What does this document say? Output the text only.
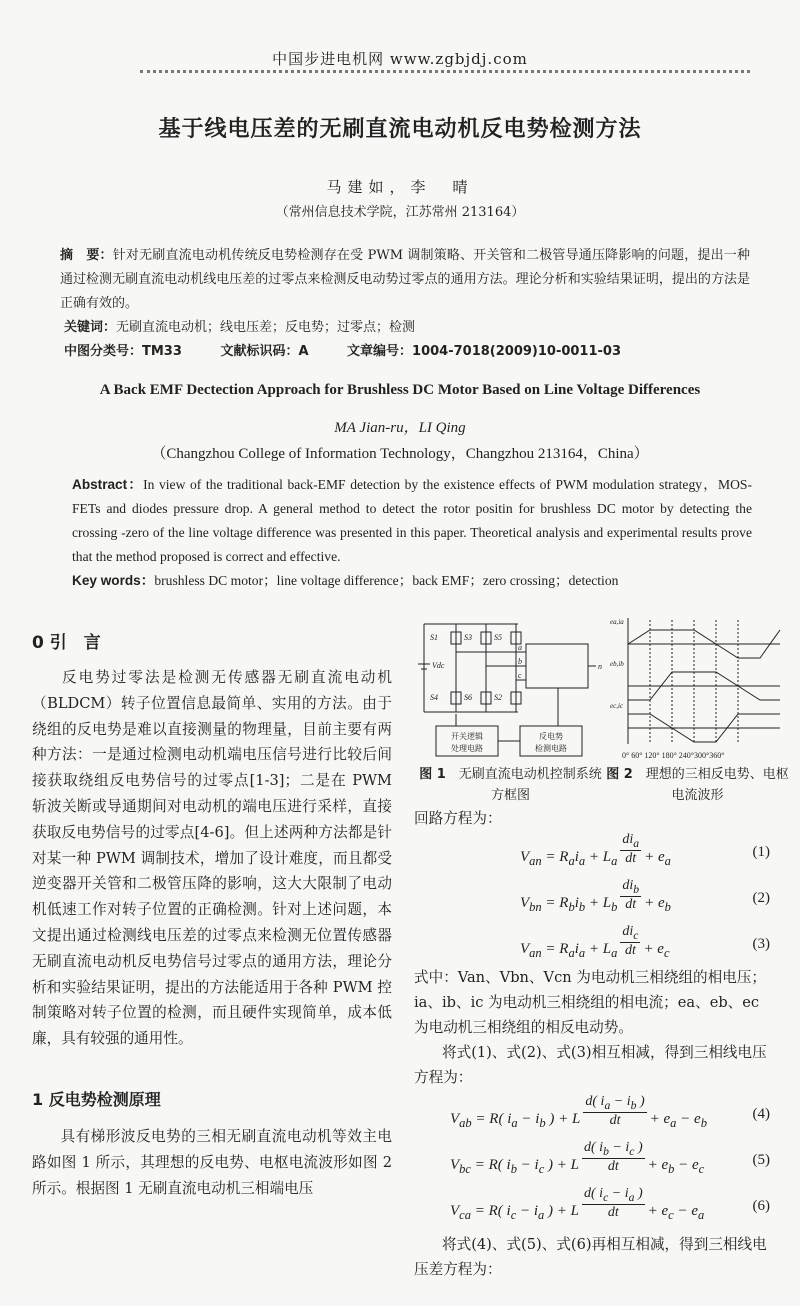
中国步进电机网 www.zgbjdj.com
基于线电压差的无刷直流电动机反电势检测方法
马建如，李　晴
（常州信息技术学院，江苏常州 213164）
摘　要：针对无刷直流电动机传统反电势检测存在受 PWM 调制策略、开关管和二极管导通压降影响的问题，提出一种通过检测无刷直流电动机线电压差的过零点来检测反电动势过零点的通用方法。理论分析和实验结果证明，提出的方法是正确有效的。
关键词：无刷直流电动机；线电压差；反电势；过零点；检测
中图分类号：TM33	文献标识码：A	文章编号：1004-7018(2009)10-0011-03
A Back EMF Dectection Approach for Brushless DC Motor Based on Line Voltage Differences
MA Jian-ru，LI Qing
（Changzhou College of Information Technology，Changzhou 213164，China）
Abstract：In view of the traditional back-EMF detection by the existence effects of PWM modulation strategy，MOS-FETs and diodes pressure drop. A general method to detect the rotor positin for brushless DC motor by detecting the crossing -zero of the line voltage difference was presented in this paper. Theoretical analysis and experimental results prove that the method proposed is correct and effective.
Key words：brushless DC motor；line voltage difference；back EMF；zero crossing；detection
0 引　言
反电势过零法是检测无传感器无刷直流电动机（BLDCM）转子位置信息最简单、实用的方法。由于绕组的反电势是难以直接测量的物理量，目前主要有两种方法：一是通过检测电动机端电压信号进行比较后间接获取绕组反电势信号的过零点[1-3]；二是在 PWM 斩波关断或导通期间对电动机的端电压进行采样，直接获取反电势信号的过零点[4-6]。但上述两种方法都是针对某一种 PWM 调制技术，增加了设计难度，而且都受逆变器开关管和二极管压降的影响，这大大限制了电动机低速工作对转子位置的正确检测。针对上述问题，本文提出通过检测线电压差的过零点来检测无位置传感器无刷直流电动机反电势信号过零点的通用方法，理论分析和实验结果证明，提出的方法能适用于各种 PWM 控制策略对转子位置的检测，而且硬件实现简单，成本低廉，具有较强的通用性。
1 反电势检测原理
具有梯形波反电势的三相无刷直流电动机等效主电路如图 1 所示，其理想的反电势、电枢电流波形如图 2 所示。根据图 1 无刷直流电动机三相端电压
S1	S3	S5
S4	S6	S2
Vdc
a
b
c
n
开关逻辑
处理电路
反电势
检测电路
ea,ia
eb,ib
ec,ic
0° 60° 120° 180° 240°300°360°
图 1　 无刷直流电动机控制系统方框图
图 2　 理想的三相反电势、电枢电流波形
回路方程为：
$V_{an} = R_ai_a + L_a \frac{di_a}{dt} + e_a$
(1)
$V_{bn} = R_bi_b + L_b \frac{di_b}{dt} + e_b$
(2)
$V_{an} = R_ai_a + L_a \frac{di_c}{dt} + e_c$
(3)
式中：Van、Vbn、Vcn 为电动机三相绕组的相电压；ia、ib、ic 为电动机三相绕组的相电流；ea、eb、ec 为电动机三相绕组的相反电动势。
将式(1)、式(2)、式(3)相互相减，得到三相线电压方程为：
$V_{ab} = R$( $i_a - i_b$ ) + L $\frac{d( i_a - i_b )}{dt} + e_a - e_b$
(4)
$V_{bc} = R$( $i_b - i_c$ ) + L $\frac{d( i_b - i_c )}{dt} + e_b - e_c$
(5)
$V_{ca} = R$( $i_c - i_a$ ) + L $\frac{d( i_c - i_a )}{dt} + e_c - e_a$
(6)
将式(4)、式(5)、式(6)再相互相减，得到三相线电压差方程为：
